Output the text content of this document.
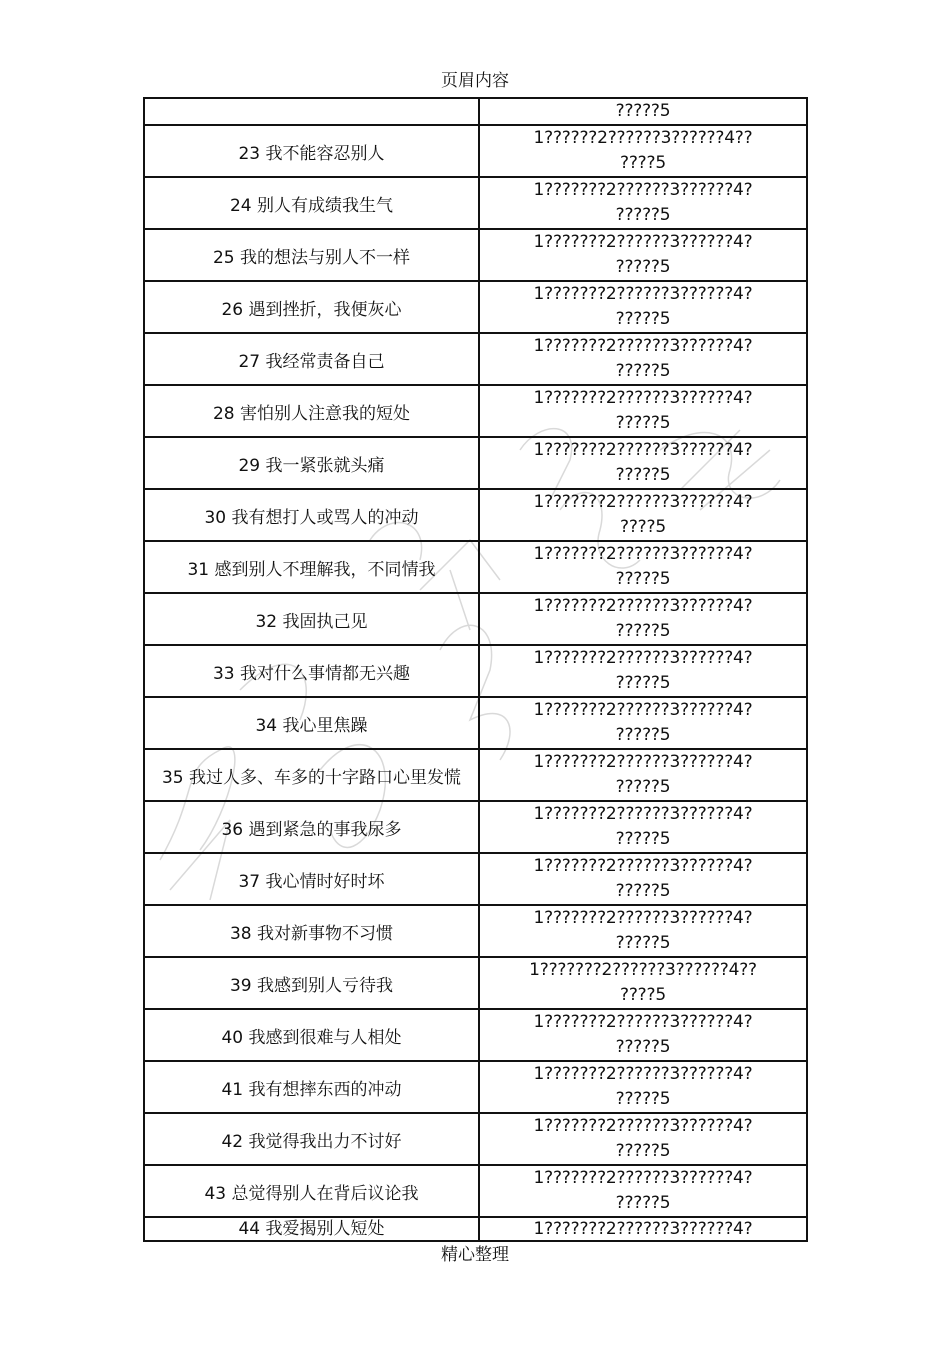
页眉内容
	?????5
23 我不能容忍别人	1??????2??????3??????4??
????5

24 别人有成绩我生气	1???????2??????3??????4?
?????5

25 我的想法与别人不一样	1???????2??????3??????4?
?????5

26 遇到挫折，我便灰心	1???????2??????3??????4?
?????5

27 我经常责备自己	1???????2??????3??????4?
?????5

28 害怕别人注意我的短处	1???????2??????3??????4?
?????5

29 我一紧张就头痛	1???????2??????3??????4?
?????5

30 我有想打人或骂人的冲动	1???????2??????3??????4?
????5

31 感到别人不理解我，不同情我	1???????2??????3??????4?
?????5

32 我固执己见	1???????2??????3??????4?
?????5

33 我对什么事情都无兴趣	1???????2??????3??????4?
?????5

34 我心里焦躁	1???????2??????3??????4?
?????5

35 我过人多、车多的十字路口心里发慌	1???????2??????3??????4?
?????5

36 遇到紧急的事我尿多	1???????2??????3??????4?
?????5

37 我心情时好时坏	1???????2??????3??????4?
?????5

38 我对新事物不习惯	1???????2??????3??????4?
?????5

39 我感到别人亏待我	1???????2??????3??????4??
????5

40 我感到很难与人相处	1???????2??????3??????4?
?????5

41 我有想摔东西的冲动	1???????2??????3??????4?
?????5

42 我觉得我出力不讨好	1???????2??????3??????4?
?????5

43 总觉得别人在背后议论我	1???????2??????3??????4?
?????5

44 我爱揭别人短处	1???????2??????3??????4?
精心整理
